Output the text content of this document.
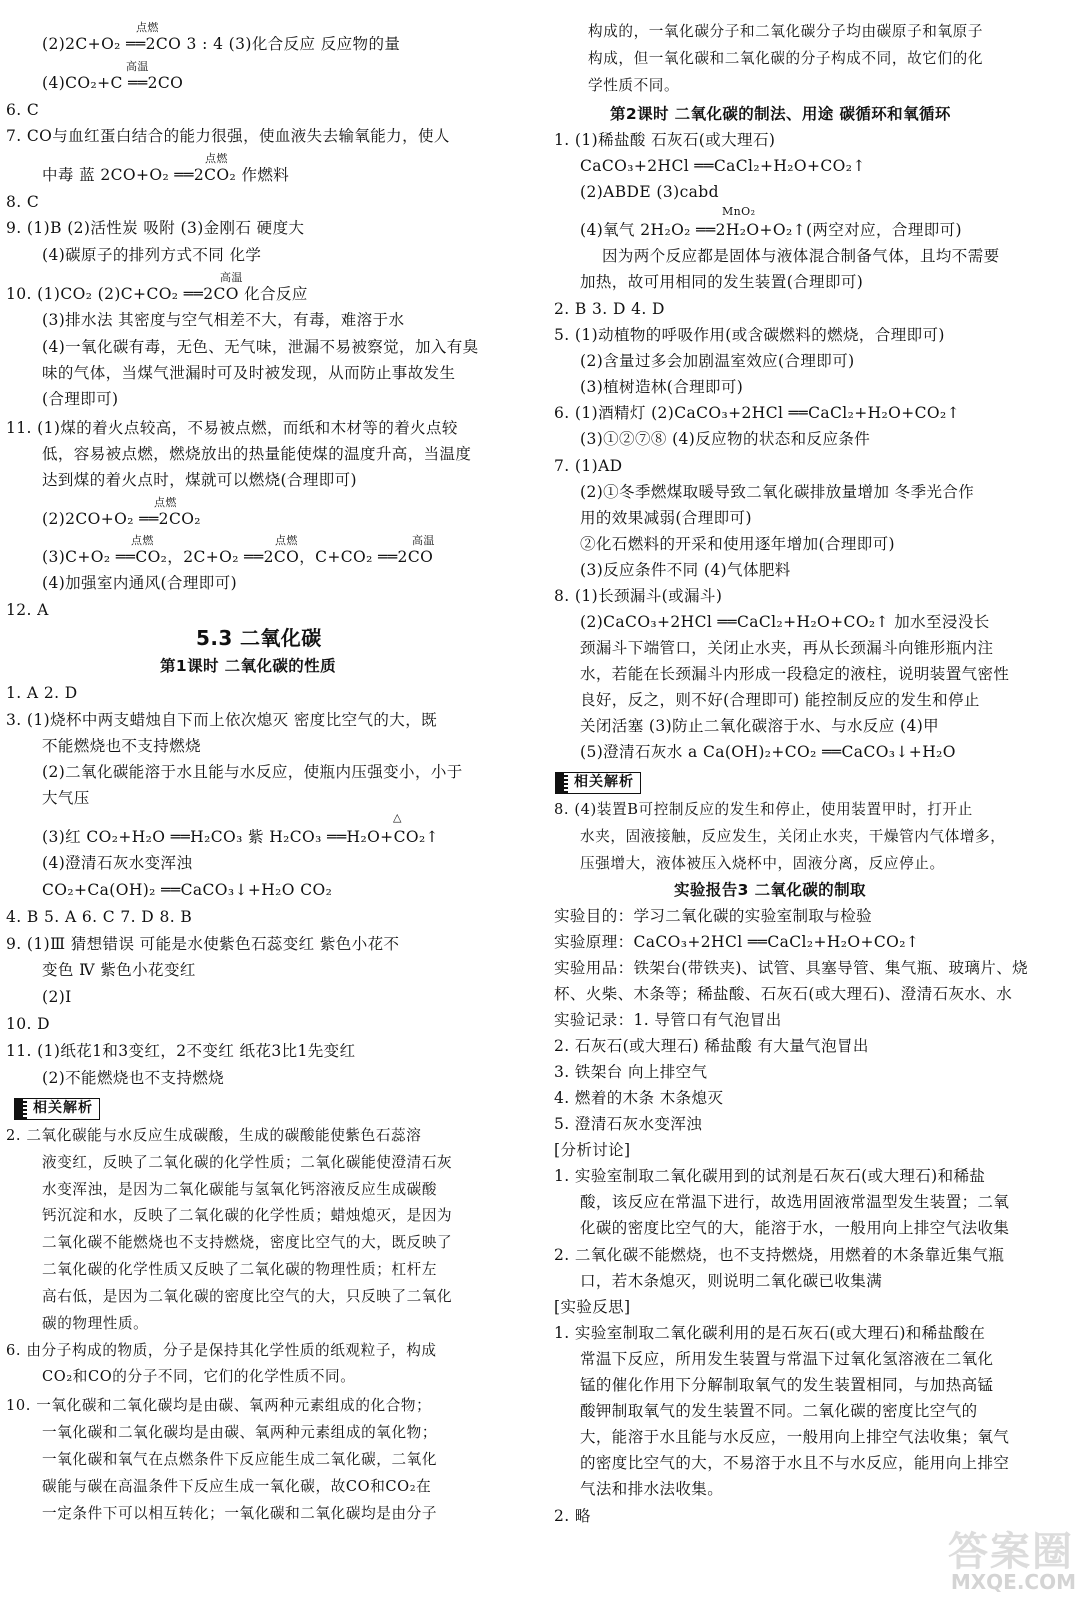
(2)2C+O₂ ══2CO 3 : 4 (3)化合反应 反应物的量
点燃
(4)CO₂+C ══2CO
高温
6. C
7. CO与血红蛋白结合的能力很强，使血液失去输氧能力，使人
中毒 蓝 2CO+O₂ ══2CO₂ 作燃料
点燃
8. C
9. (1)B (2)活性炭 吸附 (3)金刚石 硬度大
(4)碳原子的排列方式不同 化学
10. (1)CO₂ (2)C+CO₂ ══2CO 化合反应
高温
(3)排水法 其密度与空气相差不大，有毒，难溶于水
(4)一氧化碳有毒，无色、无气味，泄漏不易被察觉，加入有臭
味的气体，当煤气泄漏时可及时被发现，从而防止事故发生
(合理即可)
11. (1)煤的着火点较高，不易被点燃，而纸和木材等的着火点较
低，容易被点燃，燃烧放出的热量能使煤的温度升高，当温度
达到煤的着火点时，煤就可以燃烧(合理即可)
(2)2CO+O₂ ══2CO₂
点燃
(3)C+O₂ ══CO₂，2C+O₂ ══2CO，C+CO₂ ══2CO
点燃	点燃	高温
(4)加强室内通风(合理即可)
12. A
5.3 二氧化碳
第1课时 二氧化碳的性质
1. A 2. D
3. (1)烧杯中两支蜡烛自下而上依次熄灭 密度比空气的大，既
不能燃烧也不支持燃烧
(2)二氧化碳能溶于水且能与水反应，使瓶内压强变小，小于
大气压
(3)红 CO₂+H₂O ══H₂CO₃ 紫 H₂CO₃ ══H₂O+CO₂↑
△
(4)澄清石灰水变浑浊
CO₂+Ca(OH)₂ ══CaCO₃↓+H₂O CO₂
4. B 5. A 6. C 7. D 8. B
9. (1)Ⅲ 猜想错误 可能是水使紫色石蕊变红 紫色小花不
变色 Ⅳ 紫色小花变红
(2)Ⅰ
10. D
11. (1)纸花1和3变红，2不变红 纸花3比1先变红
(2)不能燃烧也不支持燃烧
2. 二氧化碳能与水反应生成碳酸，生成的碳酸能使紫色石蕊溶
液变红，反映了二氧化碳的化学性质；二氧化碳能使澄清石灰
水变浑浊，是因为二氧化碳能与氢氧化钙溶液反应生成碳酸
钙沉淀和水，反映了二氧化碳的化学性质；蜡烛熄灭，是因为
二氧化碳不能燃烧也不支持燃烧，密度比空气的大，既反映了
二氧化碳的化学性质又反映了二氧化碳的物理性质；杠杆左
高右低，是因为二氧化碳的密度比空气的大，只反映了二氧化
碳的物理性质。
6. 由分子构成的物质，分子是保持其化学性质的纸观粒子，构成
CO₂和CO的分子不同，它们的化学性质不同。
10. 一氧化碳和二氧化碳均是由碳、氧两种元素组成的化合物；
一氧化碳和二氧化碳均是由碳、氧两种元素组成的氧化物；
一氧化碳和氧气在点燃条件下反应能生成二氧化碳，二氧化
碳能与碳在高温条件下反应生成一氧化碳，故CO和CO₂在
一定条件下可以相互转化；一氧化碳和二氧化碳均是由分子
构成的，一氧化碳分子和二氧化碳分子均由碳原子和氧原子
构成，但一氧化碳和二氧化碳的分子构成不同，故它们的化
学性质不同。
第2课时 二氧化碳的制法、用途 碳循环和氧循环
1. (1)稀盐酸 石灰石(或大理石)
CaCO₃+2HCl ══CaCl₂+H₂O+CO₂↑
(2)ABDE (3)cabd
(4)氧气 2H₂O₂ ══2H₂O+O₂↑(两空对应，合理即可)
MnO₂
因为两个反应都是固体与液体混合制备气体，且均不需要
加热，故可用相同的发生装置(合理即可)
2. B 3. D 4. D
5. (1)动植物的呼吸作用(或含碳燃料的燃烧，合理即可)
(2)含量过多会加剧温室效应(合理即可)
(3)植树造林(合理即可)
6. (1)酒精灯 (2)CaCO₃+2HCl ══CaCl₂+H₂O+CO₂↑
(3)①②⑦⑧ (4)反应物的状态和反应条件
7. (1)AD
(2)①冬季燃煤取暖导致二氧化碳排放量增加 冬季光合作
用的效果减弱(合理即可)
②化石燃料的开采和使用逐年增加(合理即可)
(3)反应条件不同 (4)气体肥料
8. (1)长颈漏斗(或漏斗)
(2)CaCO₃+2HCl ══CaCl₂+H₂O+CO₂↑ 加水至浸没长
颈漏斗下端管口，关闭止水夹，再从长颈漏斗向锥形瓶内注
水，若能在长颈漏斗内形成一段稳定的液柱，说明装置气密性
良好，反之，则不好(合理即可) 能控制反应的发生和停止
关闭活塞 (3)防止二氧化碳溶于水、与水反应 (4)甲
(5)澄清石灰水 a Ca(OH)₂+CO₂ ══CaCO₃↓+H₂O
8. (4)装置B可控制反应的发生和停止，使用装置甲时，打开止
水夹，固液接触，反应发生，关闭止水夹，干燥管内气体增多，
压强增大，液体被压入烧杯中，固液分离，反应停止。
实验报告3 二氧化碳的制取
实验目的：学习二氧化碳的实验室制取与检验
实验原理：CaCO₃+2HCl ══CaCl₂+H₂O+CO₂↑
实验用品：铁架台(带铁夹)、试管、具塞导管、集气瓶、玻璃片、烧
杯、火柴、木条等；稀盐酸、石灰石(或大理石)、澄清石灰水、水
实验记录：1. 导管口有气泡冒出
2. 石灰石(或大理石) 稀盐酸 有大量气泡冒出
3. 铁架台 向上排空气
4. 燃着的木条 木条熄灭
5. 澄清石灰水变浑浊
[分析讨论]
1. 实验室制取二氧化碳用到的试剂是石灰石(或大理石)和稀盐
酸，该反应在常温下进行，故选用固液常温型发生装置；二氧
化碳的密度比空气的大，能溶于水，一般用向上排空气法收集
2. 二氧化碳不能燃烧，也不支持燃烧，用燃着的木条靠近集气瓶
口，若木条熄灭，则说明二氧化碳已收集满
[实验反思]
1. 实验室制取二氧化碳利用的是石灰石(或大理石)和稀盐酸在
常温下反应，所用发生装置与常温下过氧化氢溶液在二氧化
锰的催化作用下分解制取氧气的发生装置相同，与加热高锰
酸钾制取氧气的发生装置不同。二氧化碳的密度比空气的
大，能溶于水且能与水反应，一般用向上排空气法收集；氧气
的密度比空气的大，不易溶于水且不与水反应，能用向上排空
气法和排水法收集。
2. 略
相关解析
相关解析
答案圈
MXQE.COM
